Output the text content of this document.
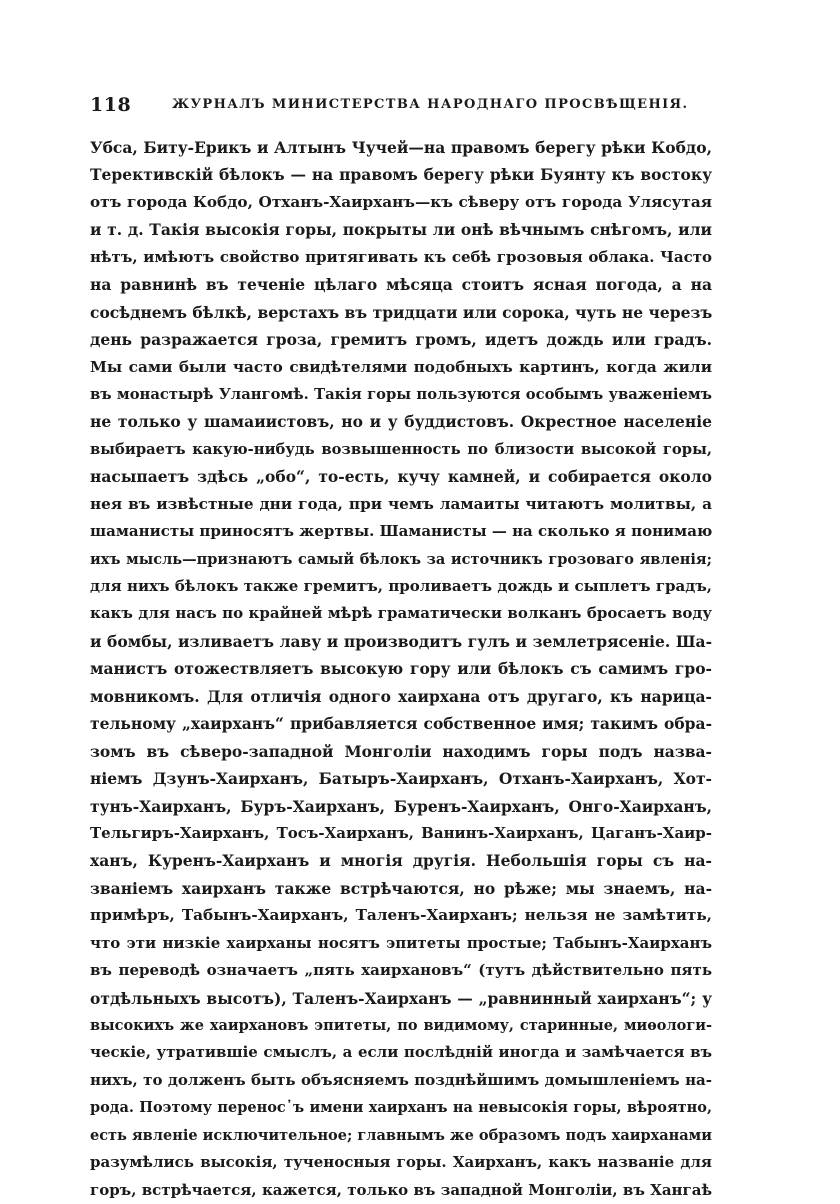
118	ЖУРНАЛЪ МИНИСТЕРСТВА НАРОДНАГО ПРОСВѢЩЕНІЯ.
Убса, Биту-Ерикъ и Алтынъ Чучей—на правомъ берегу рѣки Кобдо,
Терективскій бѣлокъ — на правомъ берегу рѣки Буянту къ востоку
отъ города Кобдо, Отханъ-Хаирханъ—къ сѣверу отъ города Улясутая
и т. д. Такія высокія горы, покрыты ли онѣ вѣчнымъ снѣгомъ, или
нѣтъ, имѣютъ свойство притягивать къ себѣ грозовыя облака. Часто
на равнинѣ въ теченіе цѣлаго мѣсяца стоитъ ясная погода, а на
сосѣднемъ бѣлкѣ, верстахъ въ тридцати или сорока, чуть не черезъ
день разражается гроза, гремитъ громъ, идетъ дождь или градъ.
Мы сами были часто свидѣтелями подобныхъ картинъ, когда жили
въ монастырѣ Улангомѣ. Такія горы пользуются особымъ уваженіемъ
не только у шамаиистовъ, но и у буддистовъ. Окрестное населеніе
выбираетъ какую-нибудь возвышенность по близости высокой горы,
насыпаетъ здѣсь „обо“, то-есть, кучу камней, и собирается около
нея въ извѣстные дни года, при чемъ ламаиты читаютъ молитвы, а
шаманисты приносятъ жертвы. Шаманисты — на сколько я понимаю
ихъ мысль—признаютъ самый бѣлокъ за источникъ грозоваго явленія;
для нихъ бѣлокъ также гремитъ, проливаетъ дождь и сыплетъ градъ,
какъ для насъ по крайней мѣрѣ граматически волканъ бросаетъ воду
и бомбы, изливаетъ лаву и производитъ гулъ и землетрясеніе. Ша-
манистъ отожествляетъ высокую гору или бѣлокъ съ самимъ гро-
мовникомъ. Для отличія одного хаирхана отъ другаго, къ нарица-
тельному „хаирханъ“ прибавляется собственное имя; такимъ обра-
зомъ въ сѣверо-западной Монголіи находимъ горы подъ назва-
ніемъ Дзунъ-Хаирханъ, Батыръ-Хаирханъ, Отханъ-Хаирханъ, Хот-
тунъ-Хаирханъ, Буръ-Хаирханъ, Буренъ-Хаирханъ, Онго-Хаирханъ,
Тельгиръ-Хаирханъ, Тосъ-Хаирханъ, Ванинъ-Хаирханъ, Цаганъ-Хаир-
ханъ, Куренъ-Хаирханъ и многія другія. Небольшія горы съ на-
званіемъ хаирханъ также встрѣчаются, но рѣже; мы знаемъ, на-
примѣръ, Табынъ-Хаирханъ, Таленъ-Хаирханъ; нельзя не замѣтить,
что эти низкіе хаирханы носятъ эпитеты простые; Табынъ-Хаирханъ
въ переводѣ означаетъ „пять хаирхановъ“ (тутъ дѣйствительно пять
отдѣльныхъ высотъ), Таленъ-Хаирханъ — „равнинный хаирханъ“; у
высокихъ же хаирхановъ эпитеты, по видимому, старинные, миѳологи-
ческіе, утратившіе смыслъ, а если послѣдній иногда и замѣчается въ
нихъ, то долженъ быть объясняемъ позднѣйшимъ домышленіемъ на-
рода. Поэтому перенос᾽ъ имени хаирханъ на невысокія горы, вѣроятно,
есть явленіе исключительное; главнымъ же образомъ подъ хаирханами
разумѣлись высокія, тученосныя горы. Хаирханъ, какъ названіе для
горъ, встрѣчается, кажется, только въ западной Монголіи, въ Хангаѣ
